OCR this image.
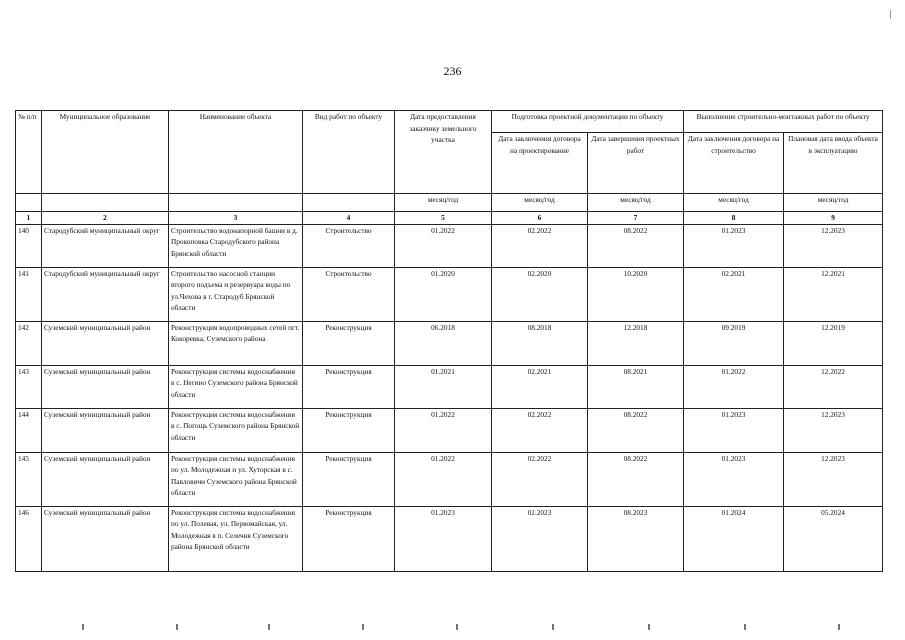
236
№ п/п	Муниципальное образование	Наименование объекта	Вид работ по объекту	Дата предоставления заказчику земельного участка	Подготовка проектной документации по объекту		Выполнение строительно-монтажных работ по объекту	
					Дата заключения договора на проектирование	Дата завершения проектных работ	Дата заключения договора на строительство	Плановая дата ввода объекта в эксплуатацию
				месяц/год	месяц/год	месяц/год	месяц/год	месяц/год
1	2	3	4	5	6	7	8	9
140	Стародубский муниципальный округ	Строительство водонапорной башни в д. Прокоповка Стародубского района Брянской области	Строительство	01.2022	02.2022	08.2022	01.2023	12.2023
141	Стародубский муниципальный округ	Строительство насосной станции второго подъема и резервуара воды по ул.Чехова в г. Стародуб Брянской области	Строительство	01.2020	02.2020	10.2020	02.2021	12.2021
142	Суземский муниципальный район	Реконструкция водопроводных сетей пгт. Кокоревка, Суземского района	Реконструкция	06.2018	08.2018	12.2018	09.2019	12.2019
143	Суземский муниципальный район	Реконструкция системы водоснабжения в с. Негино Суземского района Брянской области	Реконструкция	01.2021	02.2021	08.2021	01.2022	12.2022
144	Суземский муниципальный район	Реконструкция системы водоснабжения в с. Погощь Суземского района Брянской области	Реконструкция	01.2022	02.2022	08.2022	01.2023	12.2023
145	Суземский муниципальный район	Реконструкция системы водоснабжения по ул. Молодежная и ул. Хуторская в с. Павловичи Суземского района Брянской области	Реконструкция	01.2022	02.2022	08.2022	01.2023	12.2023
146	Суземский муниципальный район	Реконструкция системы водоснабжения по ул. Полевая, ул. Первомайская, ул. Молодежная в п. Селечня Суземского района Брянской области	Реконструкция	01.2023	02.2023	08.2023	01.2024	05.2024
